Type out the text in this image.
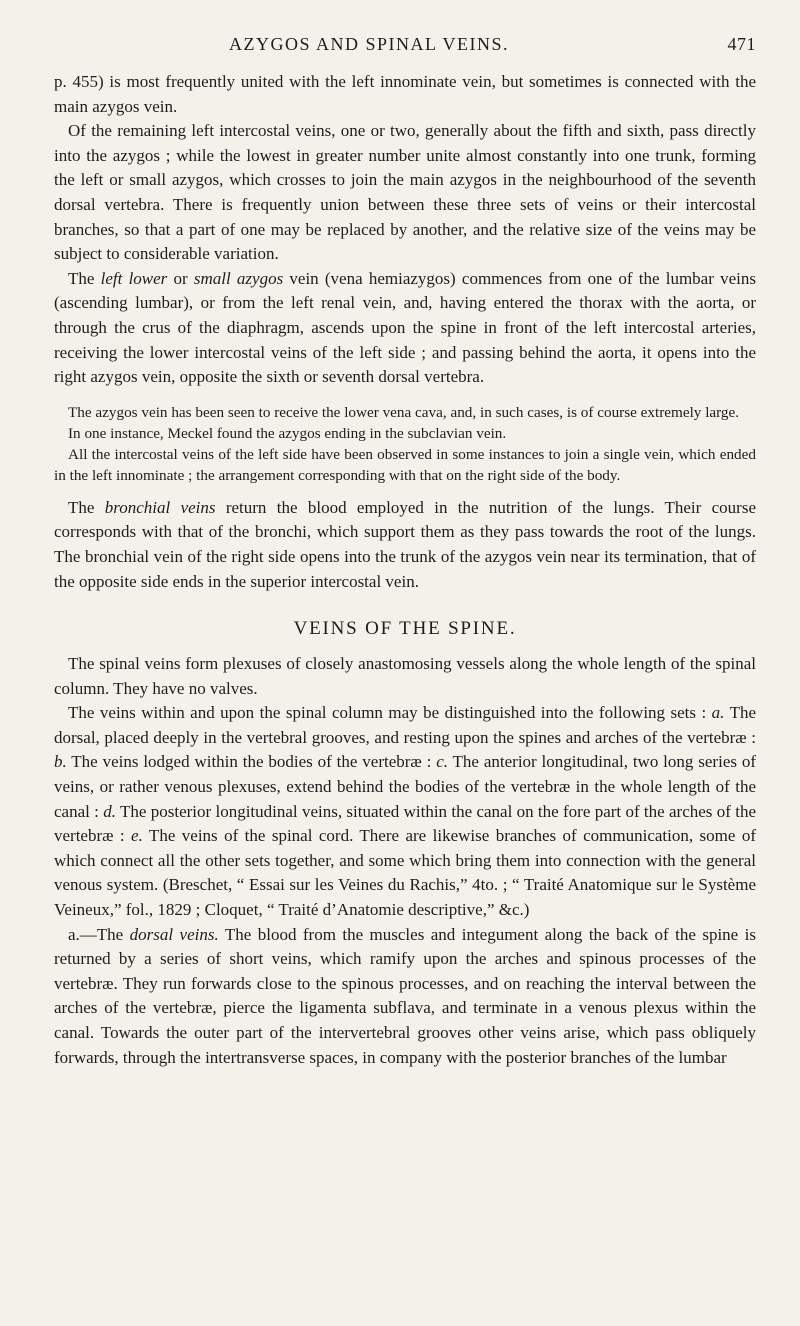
AZYGOS AND SPINAL VEINS.	471

p. 455) is most frequently united with the left innominate vein, but sometimes is connected with the main azygos vein.

Of the remaining left intercostal veins, one or two, generally about the fifth and sixth, pass directly into the azygos ; while the lowest in greater number unite almost constantly into one trunk, forming the left or small azygos, which crosses to join the main azygos in the neighbourhood of the seventh dorsal vertebra. There is frequently union between these three sets of veins or their intercostal branches, so that a part of one may be replaced by another, and the relative size of the veins may be subject to considerable variation.

The left lower or small azygos vein (vena hemiazygos) commences from one of the lumbar veins (ascending lumbar), or from the left renal vein, and, having entered the thorax with the aorta, or through the crus of the diaphragm, ascends upon the spine in front of the left intercostal arteries, receiving the lower intercostal veins of the left side ; and passing behind the aorta, it opens into the right azygos vein, opposite the sixth or seventh dorsal vertebra.

The azygos vein has been seen to receive the lower vena cava, and, in such cases, is of course extremely large.

In one instance, Meckel found the azygos ending in the subclavian vein.

All the intercostal veins of the left side have been observed in some instances to join a single vein, which ended in the left innominate ; the arrangement corresponding with that on the right side of the body.

The bronchial veins return the blood employed in the nutrition of the lungs. Their course corresponds with that of the bronchi, which support them as they pass towards the root of the lungs. The bronchial vein of the right side opens into the trunk of the azygos vein near its termination, that of the opposite side ends in the superior intercostal vein.

VEINS OF THE SPINE.

The spinal veins form plexuses of closely anastomosing vessels along the whole length of the spinal column. They have no valves.

The veins within and upon the spinal column may be distinguished into the following sets : a. The dorsal, placed deeply in the vertebral grooves, and resting upon the spines and arches of the vertebræ : b. The veins lodged within the bodies of the vertebræ : c. The anterior longitudinal, two long series of veins, or rather venous plexuses, extend behind the bodies of the vertebræ in the whole length of the canal : d. The posterior longitudinal veins, situated within the canal on the fore part of the arches of the vertebræ : e. The veins of the spinal cord. There are likewise branches of communication, some of which connect all the other sets together, and some which bring them into connection with the general venous system. (Breschet, “ Essai sur les Veines du Rachis,” 4to. ; “ Traité Anatomique sur le Système Veineux,” fol., 1829 ; Cloquet, “ Traité d’Anatomie descriptive,” &c.)

a.—The dorsal veins. The blood from the muscles and integument along the back of the spine is returned by a series of short veins, which ramify upon the arches and spinous processes of the vertebræ. They run forwards close to the spinous processes, and on reaching the interval between the arches of the vertebræ, pierce the ligamenta subflava, and terminate in a venous plexus within the canal. Towards the outer part of the intervertebral grooves other veins arise, which pass obliquely forwards, through the intertransverse spaces, in company with the posterior branches of the lumbar
